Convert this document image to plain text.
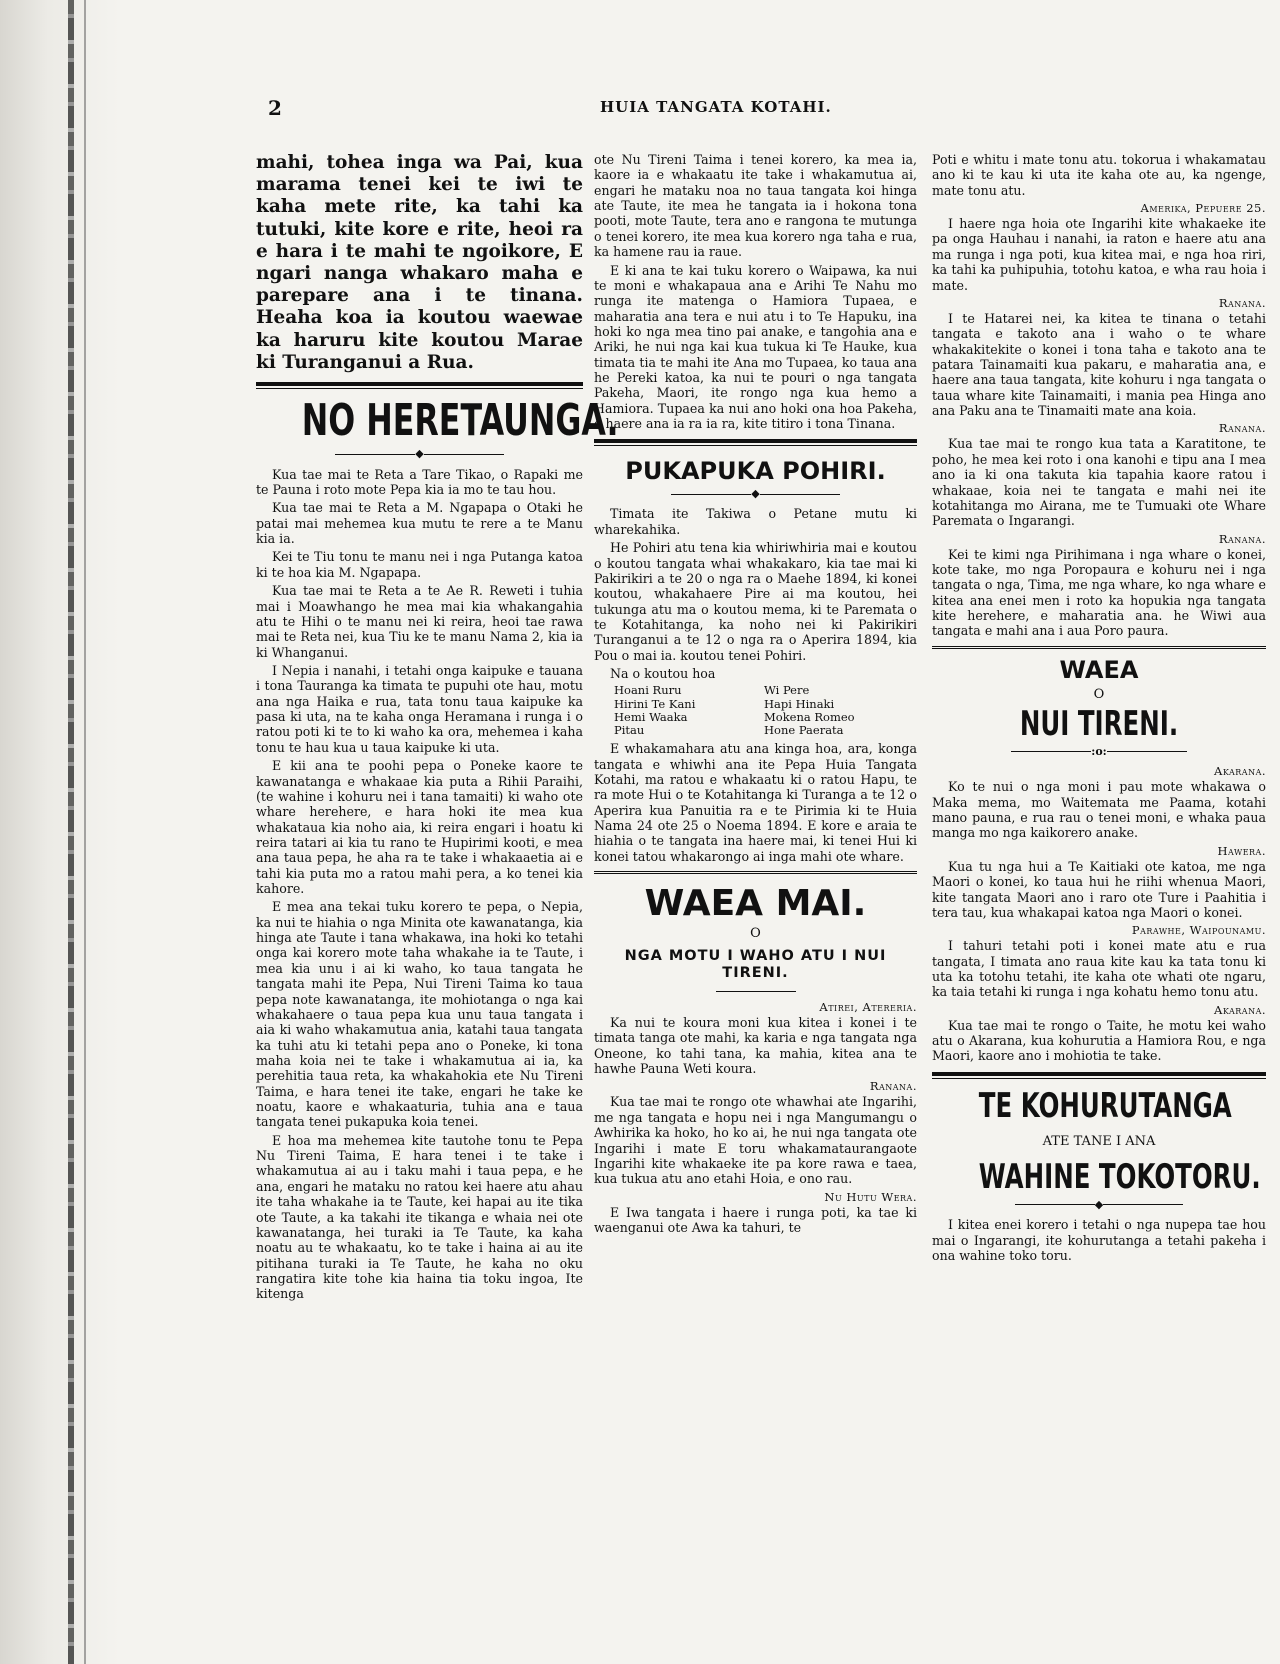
2	HUIA TANGATA KOTAHI.
mahi, tohea inga wa Pai, kua marama tenei kei te iwi te kaha mete rite, ka tahi ka tutuki, kite kore e rite, heoi ra e hara i te mahi te ngoikore, E ngari nanga whakaro maha e parepare ana i te tinana. Heaha koa ia koutou waewae ka haruru kite koutou Marae ki Turanganui a Rua.
NO HERETAUNGA.
◆

Kua tae mai te Reta a Tare Tikao, o Rapaki me te Pauna i roto mote Pepa kia ia mo te tau hou.

Kua tae mai te Reta a M. Ngapapa o Otaki he patai mai mehemea kua mutu te rere a te Manu kia ia.

Kei te Tiu tonu te manu nei i nga Putanga katoa ki te hoa kia M. Ngapapa.

Kua tae mai te Reta a te Ae R. Reweti i tuhia mai i Moawhango he mea mai kia whakangahia atu te Hihi o te manu nei ki reira, heoi tae rawa mai te Reta nei, kua Tiu ke te manu Nama 2, kia ia ki Whanganui.

I Nepia i nanahi, i tetahi onga kaipuke e tauana i tona Tauranga ka timata te pupuhi ote hau, motu ana nga Haika e rua, tata tonu taua kaipuke ka pasa ki uta, na te kaha onga Heramana i runga i o ratou poti ki te to ki waho ka ora, mehemea i kaha tonu te hau kua u taua kaipuke ki uta.

E kii ana te poohi pepa o Poneke kaore te kawanatanga e whakaae kia puta a Rihii Paraihi, (te wahine i kohuru nei i tana tamaiti) ki waho ote whare herehere, e hara hoki ite mea kua whakataua kia noho aia, ki reira engari i hoatu ki reira tatari ai kia tu rano te Hupirimi kooti, e mea ana taua pepa, he aha ra te take i whakaaetia ai e tahi kia puta mo a ratou mahi pera, a ko tenei kia kahore.

E mea ana tekai tuku korero te pepa, o Nepia, ka nui te hiahia o nga Minita ote kawanatanga, kia hinga ate Taute i tana whakawa, ina hoki ko tetahi onga kai korero mote taha whakahe ia te Taute, i mea kia unu i ai ki waho, ko taua tangata he tangata mahi ite Pepa, Nui Tireni Taima ko taua pepa note kawanatanga, ite mohiotanga o nga kai whakahaere o taua pepa kua unu taua tangata i aia ki waho whakamutua ania, katahi taua tangata ka tuhi atu ki tetahi pepa ano o Poneke, ki tona maha koia nei te take i whakamutua ai ia, ka perehitia taua reta, ka whakahokia ete Nu Tireni Taima, e hara tenei ite take, engari he take ke noatu, kaore e whakaaturia, tuhia ana e taua tangata tenei pukapuka koia tenei.

E hoa ma mehemea kite tautohe tonu te Pepa Nu Tireni Taima, E hara tenei i te take i whakamutua ai au i taku mahi i taua pepa, e he ana, engari he mataku no ratou kei haere atu ahau ite taha whakahe ia te Taute, kei hapai au ite tika ote Taute, a ka takahi ite tikanga e whaia nei ote kawanatanga, hei turaki ia Te Taute, ka kaha noatu au te whakaatu, ko te take i haina ai au ite pitihana turaki ia Te Taute, he kaha no oku rangatira kite tohe kia haina tia toku ingoa, Ite kitenga

ote Nu Tireni Taima i tenei korero, ka mea ia, kaore ia e whakaatu ite take i whakamutua ai, engari he mataku noa no taua tangata koi hinga ate Taute, ite mea he tangata ia i hokona tona pooti, mote Taute, tera ano e rangona te mutunga o tenei korero, ite mea kua korero nga taha e rua, ka hamene rau ia raue.

E ki ana te kai tuku korero o Waipawa, ka nui te moni e whakapaua ana e Arihi Te Nahu mo runga ite matenga o Hamiora Tupaea, e maharatia ana tera e nui atu i to Te Hapuku, ina hoki ko nga mea tino pai anake, e tangohia ana e Ariki, he nui nga kai kua tukua ki Te Hauke, kua timata tia te mahi ite Ana mo Tupaea, ko taua ana he Pereki katoa, ka nui te pouri o nga tangata Pakeha, Maori, ite rongo nga kua hemo a Hamiora. Tupaea ka nui ano hoki ona hoa Pakeha, e haere ana ia ra ia ra, kite titiro i tona Tinana.

PUKAPUKA POHIRI.
◆

Timata ite Takiwa o Petane mutu ki wharekahika.

He Pohiri atu tena kia whiriwhiria mai e koutou o koutou tangata whai whakakaro, kia tae mai ki Pakirikiri a te 20 o nga ra o Maehe 1894, ki konei koutou, whakahaere Pire ai ma koutou, hei tukunga atu ma o koutou mema, ki te Paremata o te Kotahitanga, ka noho nei ki Pakirikiri Turanganui a te 12 o nga ra o Aperira 1894, kia Pou o mai ia. koutou tenei Pohiri.

Na o koutou hoa

Hoani Ruru	Wi Pere
Hirini Te Kani	Hapi Hinaki
Hemi Waaka	Mokena Romeo
Pitau	Hone Paerata

E whakamahara atu ana kinga hoa, ara, konga tangata e whiwhi ana ite Pepa Huia Tangata Kotahi, ma ratou e whakaatu ki o ratou Hapu, te ra mote Hui o te Kotahitanga ki Turanga a te 12 o Aperira kua Panuitia ra e te Pirimia ki te Huia Nama 24 ote 25 o Noema 1894. E kore e araia te hiahia o te tangata ina haere mai, ki tenei Hui ki konei tatou whakarongo ai inga mahi ote whare.

WAEA MAI.
O
NGA MOTU I WAHO ATU I NUI TIRENI.
Atirei, Atereria.

Ka nui te koura moni kua kitea i konei i te timata tanga ote mahi, ka karia e nga tangata nga Oneone, ko tahi tana, ka mahia, kitea ana te hawhe Pauna Weti koura.

Ranana.

Kua tae mai te rongo ote whawhai ate Ingarihi, me nga tangata e hopu nei i nga Mangumangu o Awhirika ka hoko, ho ko ai, he nui nga tangata ote Ingarihi i mate E toru whakamataurangaote Ingarihi kite whakaeke ite pa kore rawa e taea, kua tukua atu ano etahi Hoia, e ono rau.

Nu Hutu Wera.

E Iwa tangata i haere i runga poti, ka tae ki waenganui ote Awa ka tahuri, te

Poti e whitu i mate tonu atu. tokorua i whakamatau ano ki te kau ki uta ite kaha ote au, ka ngenge, mate tonu atu.

Amerika, Pepuere 25.

I haere nga hoia ote Ingarihi kite whakaeke ite pa onga Hauhau i nanahi, ia raton e haere atu ana ma runga i nga poti, kua kitea mai, e nga hoa riri, ka tahi ka puhipuhia, totohu katoa, e wha rau hoia i mate.

Ranana.

I te Hatarei nei, ka kitea te tinana o tetahi tangata e takoto ana i waho o te whare whakakitekite o konei i tona taha e takoto ana te patara Tainamaiti kua pakaru, e maharatia ana, e haere ana taua tangata, kite kohuru i nga tangata o taua whare kite Tainamaiti, i mania pea Hinga ano ana Paku ana te Tinamaiti mate ana koia.

Ranana.

Kua tae mai te rongo kua tata a Karatitone, te poho, he mea kei roto i ona kanohi e tipu ana I mea ano ia ki ona takuta kia tapahia kaore ratou i whakaae, koia nei te tangata e mahi nei ite kotahitanga mo Airana, me te Tumuaki ote Whare Paremata o Ingarangi.

Ranana.

Kei te kimi nga Pirihimana i nga whare o konei, kote take, mo nga Poropaura e kohuru nei i nga tangata o nga, Tima, me nga whare, ko nga whare e kitea ana enei men i roto ka hopukia nga tangata kite herehere, e maharatia ana. he Wiwi aua tangata e mahi ana i aua Poro paura.

WAEA
O
NUI TIRENI.
:o:
Akarana.

Ko te nui o nga moni i pau mote whakawa o Maka mema, mo Waitemata me Paama, kotahi mano pauna, e rua rau o tenei moni, e whaka paua manga mo nga kaikorero anake.

Hawera.

Kua tu nga hui a Te Kaitiaki ote katoa, me nga Maori o konei, ko taua hui he riihi whenua Maori, kite tangata Maori ano i raro ote Ture i Paahitia i tera tau, kua whakapai katoa nga Maori o konei.

Parawhe, Waipounamu.

I tahuri tetahi poti i konei mate atu e rua tangata, I timata ano raua kite kau ka tata tonu ki uta ka totohu tetahi, ite kaha ote whati ote ngaru, ka taia tetahi ki runga i nga kohatu hemo tonu atu.

Akarana.

Kua tae mai te rongo o Taite, he motu kei waho atu o Akarana, kua kohurutia a Hamiora Rou, e nga Maori, kaore ano i mohiotia te take.

TE KOHURUTANGA
ATE TANE I ANA
WAHINE TOKOTORU.
◆

I kitea enei korero i tetahi o nga nupepa tae hou mai o Ingarangi, ite kohurutanga a tetahi pakeha i ona wahine toko toru.
